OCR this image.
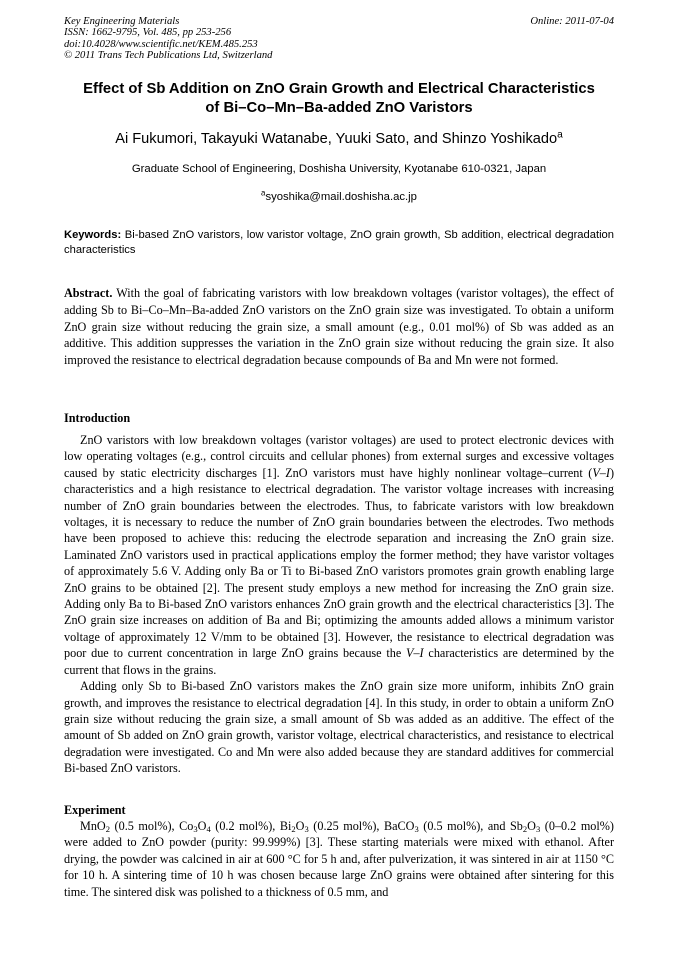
Key Engineering Materials
ISSN: 1662-9795, Vol. 485, pp 253-256
doi:10.4028/www.scientific.net/KEM.485.253
© 2011 Trans Tech Publications Ltd, Switzerland
Online: 2011-07-04
Effect of Sb Addition on ZnO Grain Growth and Electrical Characteristics
of Bi–Co–Mn–Ba-added ZnO Varistors
Ai Fukumori, Takayuki Watanabe, Yuuki Sato, and Shinzo Yoshikado$^a$
Graduate School of Engineering, Doshisha University, Kyotanabe 610-0321, Japan
$^a$syoshika@mail.doshisha.ac.jp
Keywords: Bi-based ZnO varistors, low varistor voltage, ZnO grain growth, Sb addition, electrical degradation characteristics
Abstract. With the goal of fabricating varistors with low breakdown voltages (varistor voltages), the effect of adding Sb to Bi–Co–Mn–Ba-added ZnO varistors on the ZnO grain size was investigated. To obtain a uniform ZnO grain size without reducing the grain size, a small amount (e.g., 0.01 mol%) of Sb was added as an additive. This addition suppresses the variation in the ZnO grain size without reducing the grain size. It also improved the resistance to electrical degradation because compounds of Ba and Mn were not formed.
Introduction

ZnO varistors with low breakdown voltages (varistor voltages) are used to protect electronic devices with low operating voltages (e.g., control circuits and cellular phones) from external surges and excessive voltages caused by static electricity discharges [1]. ZnO varistors must have highly nonlinear voltage–current (V–I) characteristics and a high resistance to electrical degradation. The varistor voltage increases with increasing number of ZnO grain boundaries between the electrodes. Thus, to fabricate varistors with low breakdown voltages, it is necessary to reduce the number of ZnO grain boundaries between the electrodes. Two methods have been proposed to achieve this: reducing the electrode separation and increasing the ZnO grain size. Laminated ZnO varistors used in practical applications employ the former method; they have varistor voltages of approximately 5.6 V. Adding only Ba or Ti to Bi-based ZnO varistors promotes grain growth enabling large ZnO grains to be obtained [2]. The present study employs a new method for increasing the ZnO grain size. Adding only Ba to Bi-based ZnO varistors enhances ZnO grain growth and the electrical characteristics [3]. The ZnO grain size increases on addition of Ba and Bi; optimizing the amounts added allows a minimum varistor voltage of approximately 12 V/mm to be obtained [3]. However, the resistance to electrical degradation was poor due to current concentration in large ZnO grains because the V–I characteristics are determined by the current that flows in the grains.

Adding only Sb to Bi-based ZnO varistors makes the ZnO grain size more uniform, inhibits ZnO grain growth, and improves the resistance to electrical degradation [4]. In this study, in order to obtain a uniform ZnO grain size without reducing the grain size, a small amount of Sb was added as an additive. The effect of the amount of Sb added on ZnO grain growth, varistor voltage, electrical characteristics, and resistance to electrical degradation were investigated. Co and Mn were also added because they are standard additives for commercial Bi-based ZnO varistors.

Experiment

MnO$_2$ (0.5 mol%), $Co_3O_4$ (0.2 mol%), $Bi_2O_3$ (0.25 mol%), BaCO$_3$ (0.5 mol%), and $Sb_2O_3$ (0–0.2 mol%) were added to ZnO powder (purity: 99.999%) [3]. These starting materials were mixed with ethanol. After drying, the powder was calcined in air at 600 °C for 5 h and, after pulverization, it was sintered in air at 1150 °C for 10 h. A sintering time of 10 h was chosen because large ZnO grains were obtained after sintering for this time. The sintered disk was polished to a thickness of 0.5 mm, and
